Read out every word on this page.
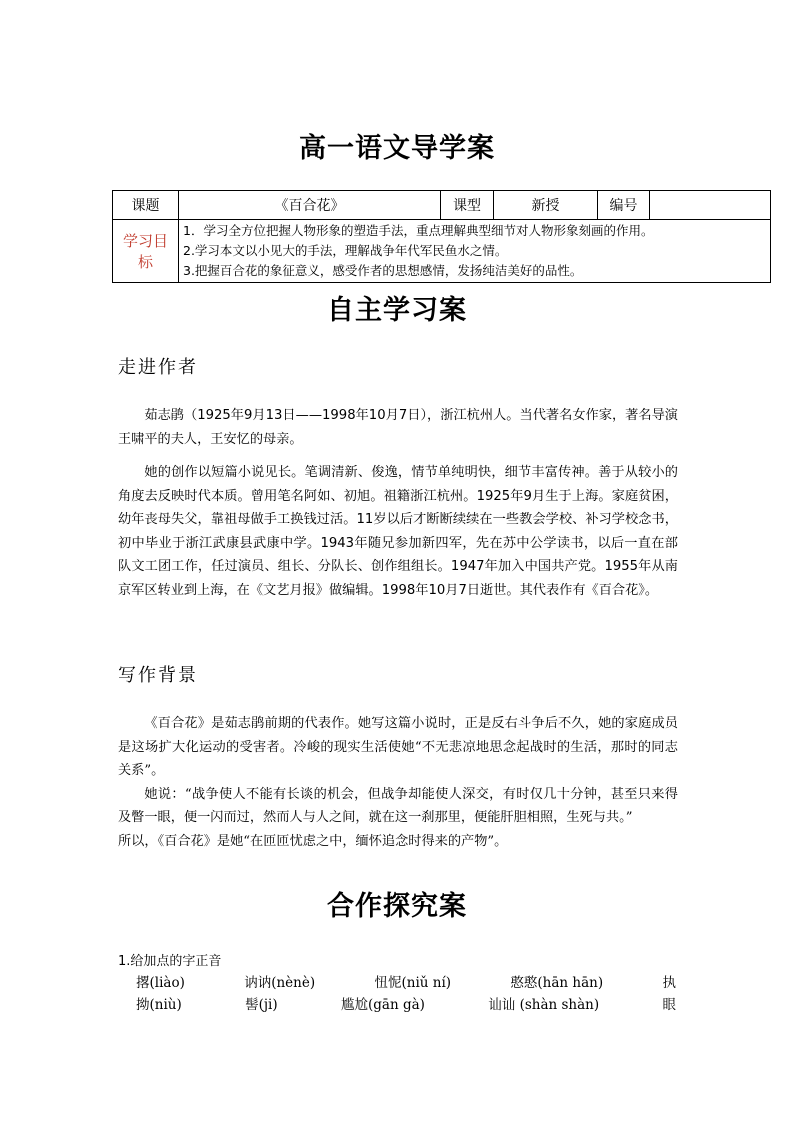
高一语文导学案
课题	《百合花》	课型	新授	编号	
学习目标	1．学习全方位把握人物形象的塑造手法，重点理解典型细节对人物形象刻画的作用。
2.学习本文以小见大的手法，理解战争年代军民鱼水之情。
3.把握百合花的象征意义，感受作者的思想感情，发扬纯洁美好的品性。				
自主学习案
走进作者

茹志鹃（1925年9月13日——1998年10月7日），浙江杭州人。当代著名女作家，著名导演王啸平的夫人，王安忆的母亲。

她的创作以短篇小说见长。笔调清新、俊逸，情节单纯明快，细节丰富传神。善于从较小的角度去反映时代本质。曾用笔名阿如、初旭。祖籍浙江杭州。1925年9月生于上海。家庭贫困，幼年丧母失父，靠祖母做手工换钱过活。11岁以后才断断续续在一些教会学校、补习学校念书，初中毕业于浙江武康县武康中学。1943年随兄参加新四军，先在苏中公学读书，以后一直在部队文工团工作，任过演员、组长、分队长、创作组组长。1947年加入中国共产党。1955年从南京军区转业到上海，在《文艺月报》做编辑。1998年10月7日逝世。其代表作有《百合花》。

写作背景

《百合花》是茹志鹃前期的代表作。她写这篇小说时，正是反右斗争后不久，她的家庭成员是这场扩大化运动的受害者。冷峻的现实生活使她“不无悲凉地思念起战时的生活，那时的同志关系”。

她说：“战争使人不能有长谈的机会，但战争却能使人深交，有时仅几十分钟，甚至只来得及瞥一眼，便一闪而过，然而人与人之间，就在这一刹那里，便能肝胆相照，生死与共。”

所以，《百合花》是她“在匝匝忧虑之中，缅怀追念时得来的产物”。

合作探究案
1.给加点的字正音
撂(liào)	讷讷(nènè)	忸怩(niǔ ní)	憨憨(hān hān)	执
拗(niù)	髻(ji)	尴尬(gān gà)	讪讪 (shàn shàn)	眼
